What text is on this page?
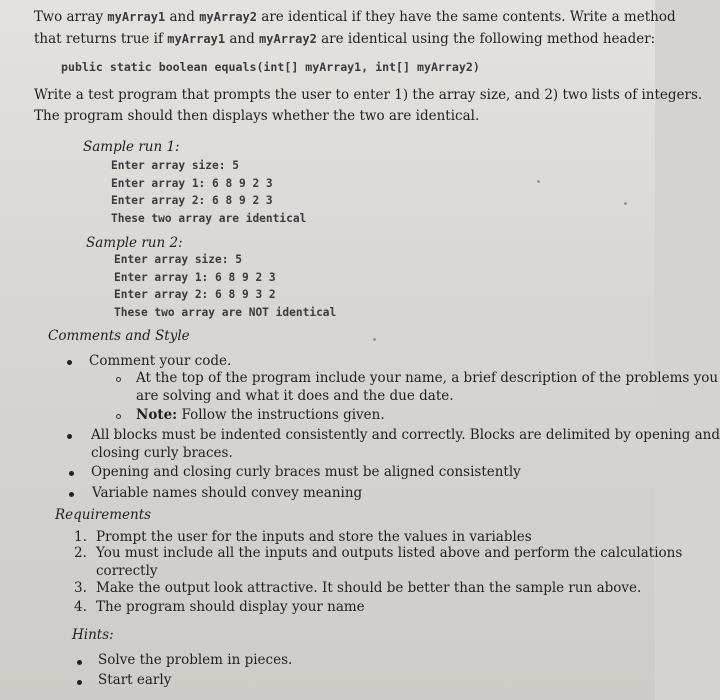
Two array myArray1 and myArray2 are identical if they have the same contents. Write a method
that returns true if myArray1 and myArray2 are identical using the following method header:
public static boolean equals(int[] myArray1, int[] myArray2)
Write a test program that prompts the user to enter 1) the array size, and 2) two lists of integers.
The program should then displays whether the two are identical.
Sample run 1:
Enter array size: 5
Enter array 1: 6 8 9 2 3
Enter array 2: 6 8 9 2 3
These two array are identical
Sample run 2:
Enter array size: 5
Enter array 1: 6 8 9 2 3
Enter array 2: 6 8 9 3 2
These two array are NOT identical
Comments and Style
Comment your code.
At the top of the program include your name, a brief description of the problems you
are solving and what it does and the due date.
Note: Follow the instructions given.
All blocks must be indented consistently and correctly. Blocks are delimited by opening and
closing curly braces.
Opening and closing curly braces must be aligned consistently
Variable names should convey meaning
Requirements
1. Prompt the user for the inputs and store the values in variables
2. You must include all the inputs and outputs listed above and perform the calculations
correctly
3. Make the output look attractive. It should be better than the sample run above.
4. The program should display your name
Hints:
Solve the problem in pieces.
Start early
